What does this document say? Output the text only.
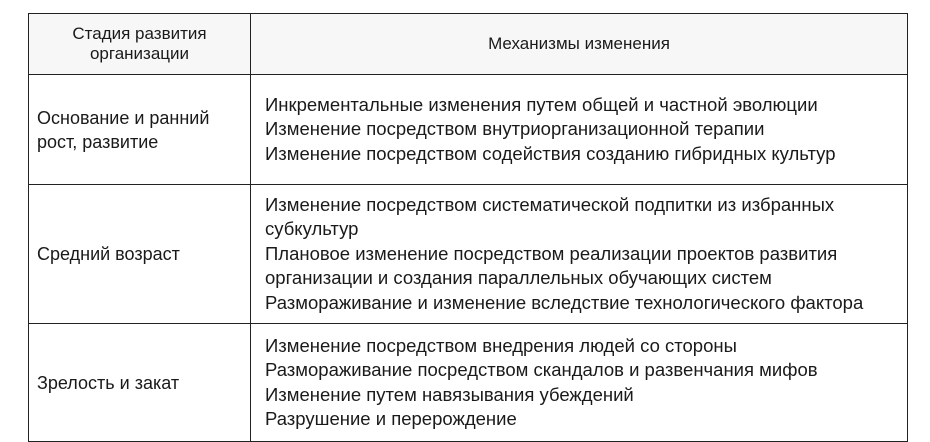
Стадия развития организации	Механизмы изменения

Основание и ранний рост, развитие	Инкрементальные изменения путем общей и частной эволюции
Изменение посредством внутриорганизационной терапии
Изменение посредством содействия созданию гибридных культур

Средний возраст	Изменение посредством систематической подпитки из избранных субкультур
Плановое изменение посредством реализации проектов развития организации и создания параллельных обучающих систем
Размораживание и изменение вследствие технологического фактора

Зрелость и закат	Изменение посредством внедрения людей со стороны
Размораживание посредством скандалов и развенчания мифов
Изменение путем навязывания убеждений
Разрушение и перерождение
